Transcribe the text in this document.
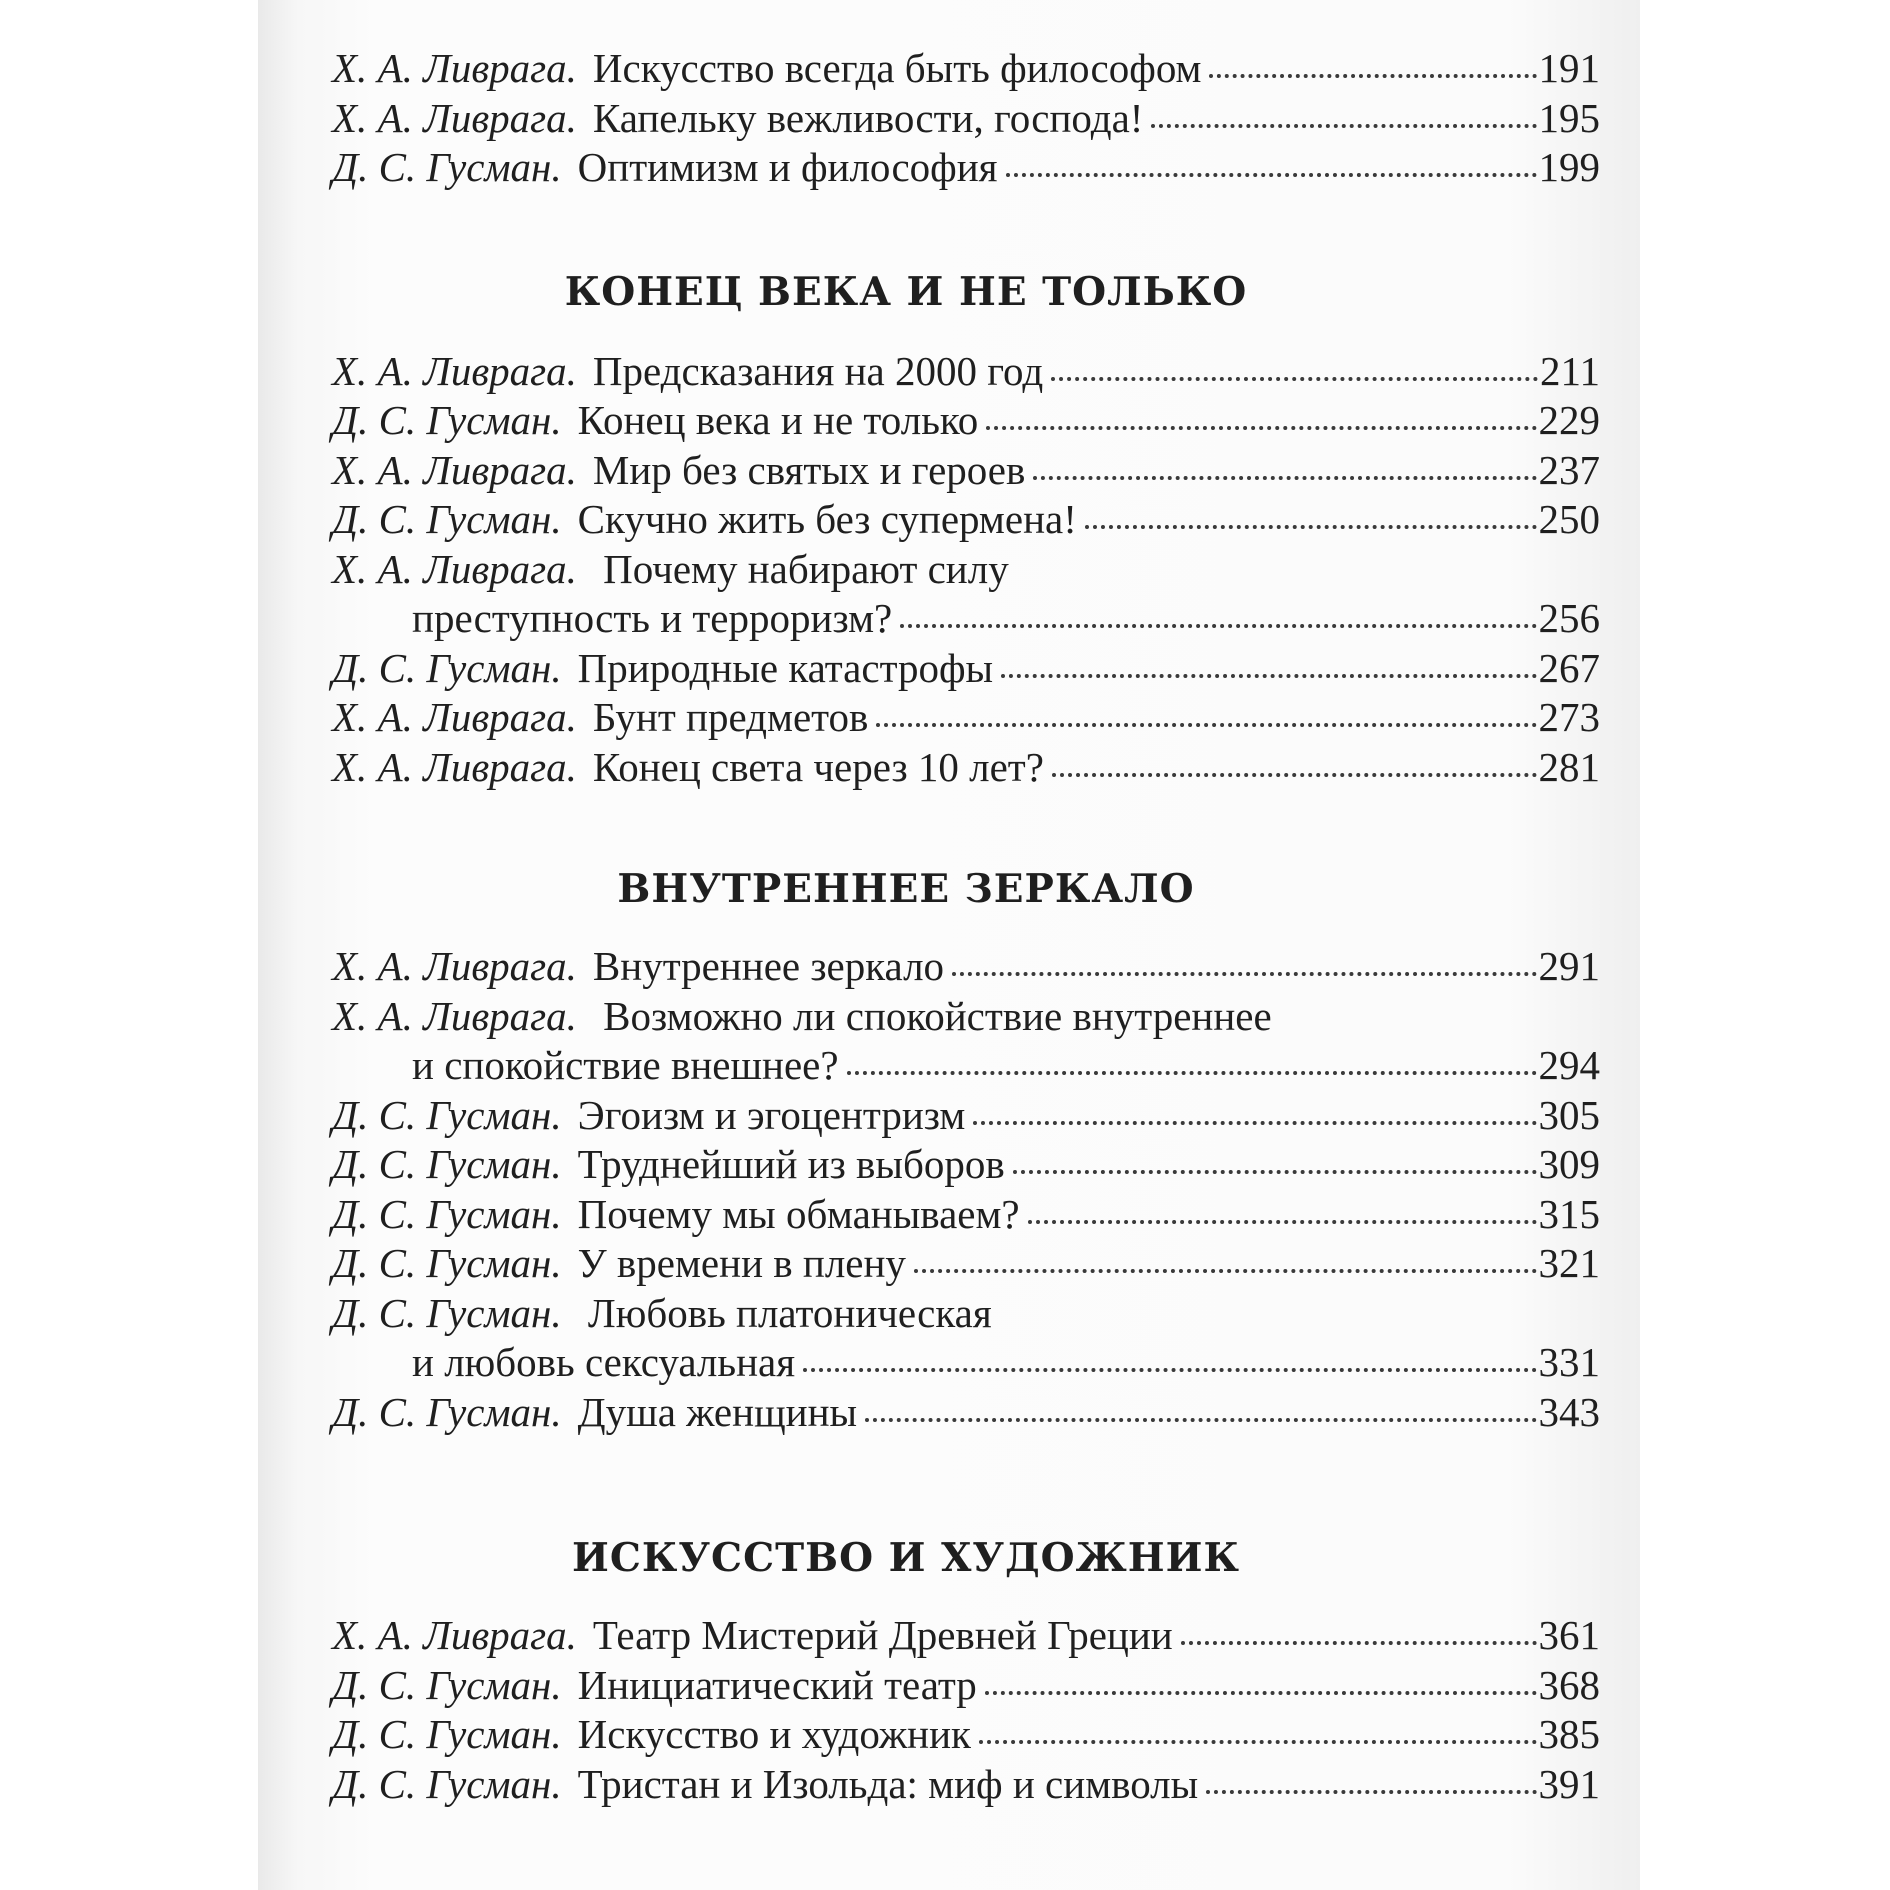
Х. А. Ливрага. Искусство всегда быть философом	191
Х. А. Ливрага. Капельку вежливости, господа!	195
Д. С. Гусман. Оптимизм и философия	199
КОНЕЦ ВЕКА И НЕ ТОЛЬКО
Х. А. Ливрага. Предсказания на 2000 год	211
Д. С. Гусман. Конец века и не только	229
Х. А. Ливрага. Мир без святых и героев	237
Д. С. Гусман. Скучно жить без супермена!	250
Х. А. Ливрага. Почему набирают силу
преступность и терроризм?	256
Д. С. Гусман. Природные катастрофы	267
Х. А. Ливрага. Бунт предметов	273
Х. А. Ливрага. Конец света через 10 лет?	281
ВНУТРЕННЕЕ ЗЕРКАЛО
Х. А. Ливрага. Внутреннее зеркало	291
Х. А. Ливрага. Возможно ли спокойствие внутреннее
и спокойствие внешнее?	294
Д. С. Гусман. Эгоизм и эгоцентризм	305
Д. С. Гусман. Труднейший из выборов	309
Д. С. Гусман. Почему мы обманываем?	315
Д. С. Гусман. У времени в плену	321
Д. С. Гусман. Любовь платоническая
и любовь сексуальная	331
Д. С. Гусман. Душа женщины	343
ИСКУССТВО И ХУДОЖНИК
Х. А. Ливрага. Театр Мистерий Древней Греции	361
Д. С. Гусман. Инициатический театр	368
Д. С. Гусман. Искусство и художник	385
Д. С. Гусман. Тристан и Изольда: миф и символы	391
